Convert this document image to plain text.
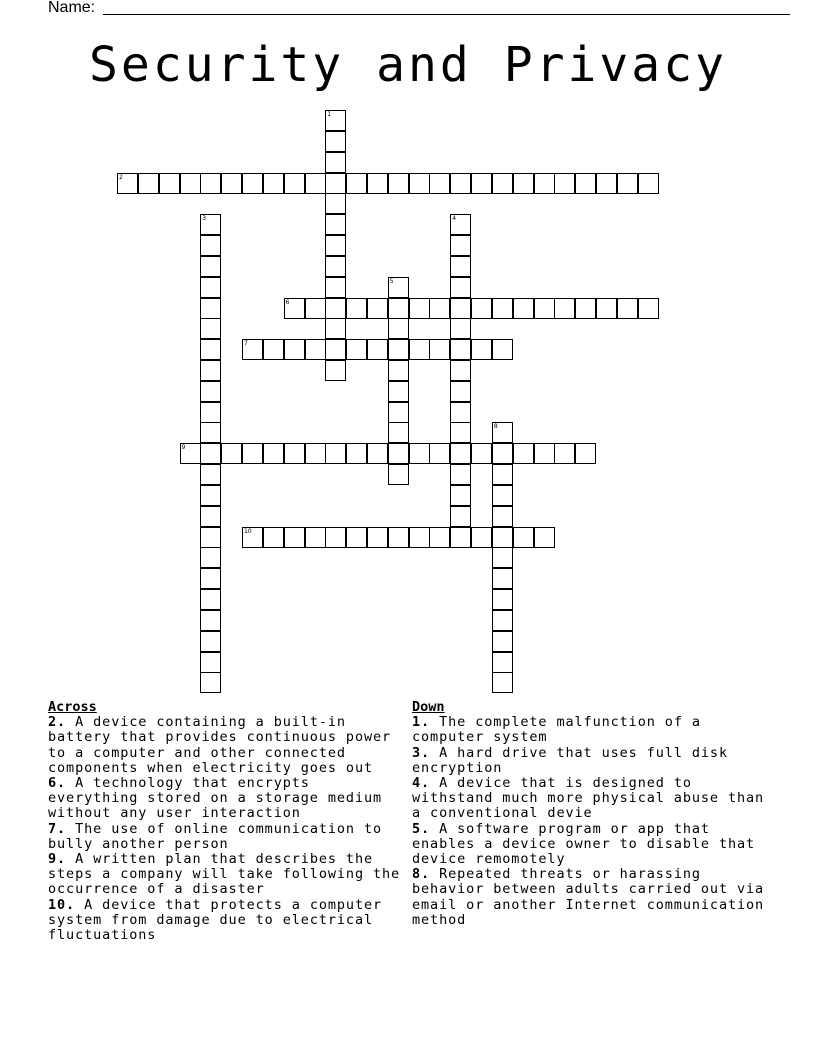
Name:
Security and Privacy
1
2
3	4
5
6
7
8
9
10
Across
2. A device containing a built-in battery that provides continuous power to a computer and other connected components when electricity goes out
6. A technology that encrypts everything stored on a storage medium without any user interaction
7. The use of online communication to bully another person
9. A written plan that describes the steps a company will take following the occurrence of a disaster
10. A device that protects a computer system from damage due to electrical fluctuations
Down
1. The complete malfunction of a computer system
3. A hard drive that uses full disk encryption
4. A device that is designed to withstand much more physical abuse than a conventional devie
5. A software program or app that enables a device owner to disable that device remomotely
8. Repeated threats or harassing behavior between adults carried out via email or another Internet communication method
